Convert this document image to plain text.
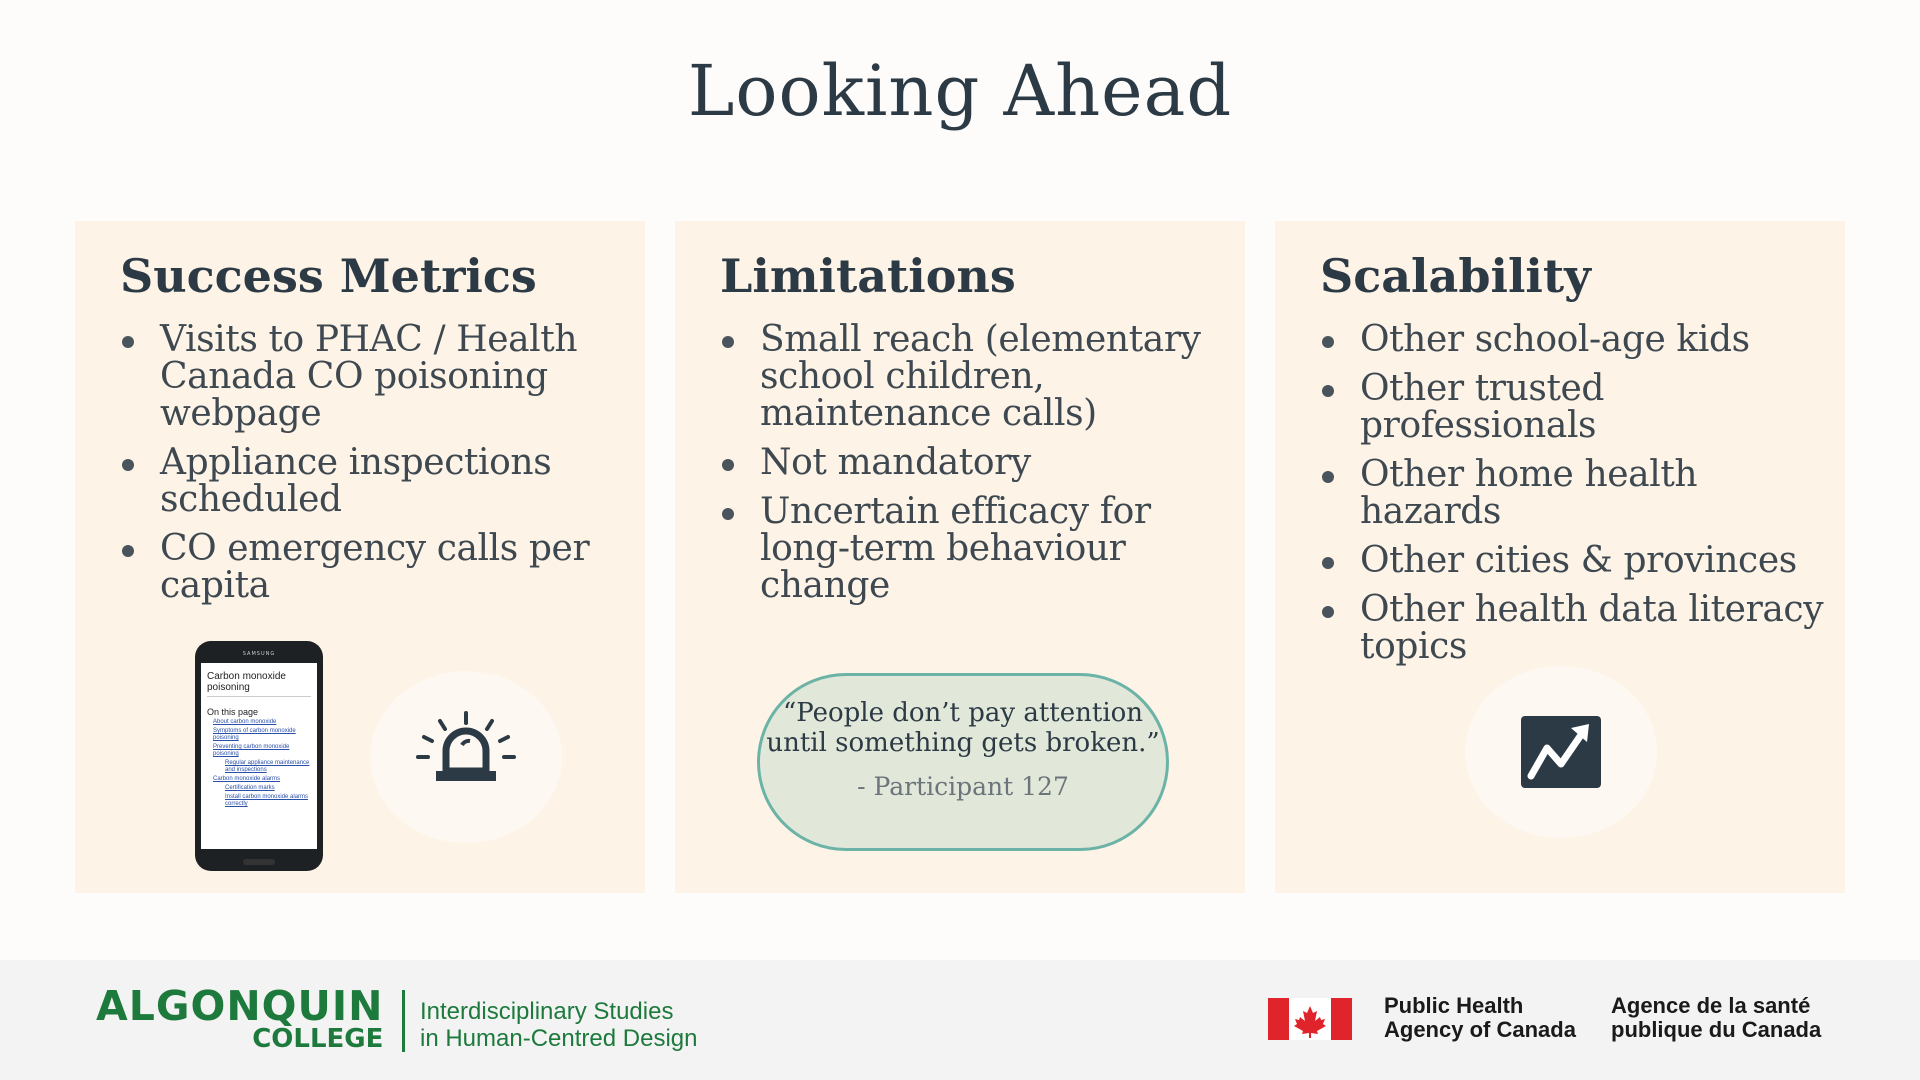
Looking Ahead
Success Metrics
Visits to PHAC / Health Canada CO poisoning webpage
Appliance inspections scheduled
CO emergency calls per capita
SAMSUNG
Carbon monoxide poisoning
On this page
About carbon monoxide
Symptoms of carbon monoxide poisoning
Preventing carbon monoxide poisoning
Regular appliance maintenance and inspections
Carbon monoxide alarms
Certification marks
Install carbon monoxide alarms correctly
Limitations
Small reach (elementary school children, maintenance calls)
Not mandatory
Uncertain efficacy for long-term behaviour change
“People don’t pay attention until something gets broken.”
- Participant 127
Scalability
Other school-age kids
Other trusted professionals
Other home health hazards
Other cities & provinces
Other health data literacy topics
ALGONQUIN
COLLEGE
Interdisciplinary Studies
in Human-Centred Design
Public Health
Agency of Canada
Agence de la santé
publique du Canada
